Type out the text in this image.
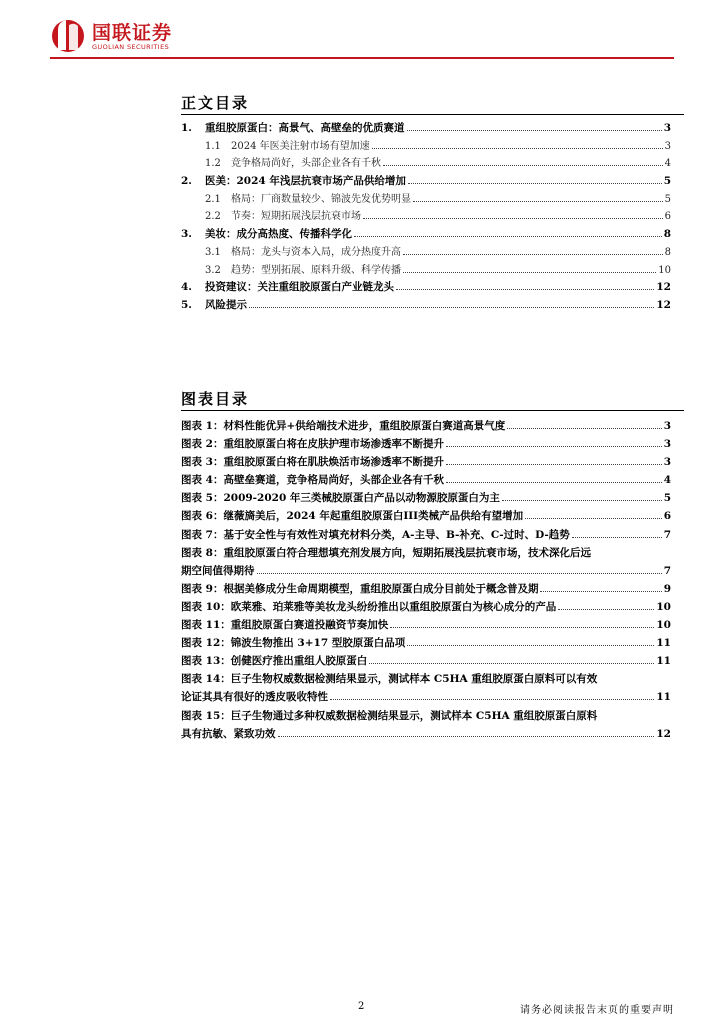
国联证券
GUOLIAN SECURITIES
正文目录
1.	重组胶原蛋白：高景气、高壁垒的优质赛道	3
1.1	2024 年医美注射市场有望加速	3
1.2	竞争格局尚好，头部企业各有千秋	4
2.	医美：2024 年浅层抗衰市场产品供给增加	5
2.1	格局：厂商数量较少、锦波先发优势明显	5
2.2	节奏：短期拓展浅层抗衰市场	6
3.	美妆：成分高热度、传播科学化	8
3.1	格局：龙头与资本入局，成分热度升高	8
3.2	趋势：型别拓展、原料升级、科学传播	10
4.	投资建议：关注重组胶原蛋白产业链龙头	12
5.	风险提示	12
图表目录
图表 1：材料性能优异+供给端技术进步，重组胶原蛋白赛道高景气度	3
图表 2：重组胶原蛋白将在皮肤护理市场渗透率不断提升	3
图表 3：重组胶原蛋白将在肌肤焕活市场渗透率不断提升	3
图表 4：高壁垒赛道，竞争格局尚好，头部企业各有千秋	4
图表 5：2009-2020 年三类械胶原蛋白产品以动物源胶原蛋白为主	5
图表 6：继薇旖美后，2024 年起重组胶原蛋白III类械产品供给有望增加	6
图表 7：基于安全性与有效性对填充材料分类，A-主导、B-补充、C-过时、D-趋势	7
图表 8：重组胶原蛋白符合理想填充剂发展方向，短期拓展浅层抗衰市场，技术深化后远
期空间值得期待	7
图表 9：根据美修成分生命周期模型，重组胶原蛋白成分目前处于概念普及期	9
图表 10：欧莱雅、珀莱雅等美妆龙头纷纷推出以重组胶原蛋白为核心成分的产品	10
图表 11：重组胶原蛋白赛道投融资节奏加快	10
图表 12：锦波生物推出 3+17 型胶原蛋白品项	11
图表 13：创健医疗推出重组人胶原蛋白	11
图表 14：巨子生物权威数据检测结果显示，测试样本 C5HA 重组胶原蛋白原料可以有效
论证其具有很好的透皮吸收特性	11
图表 15：巨子生物通过多种权威数据检测结果显示，测试样本 C5HA 重组胶原蛋白原料
具有抗敏、紧致功效	12
2	请务必阅读报告末页的重要声明
